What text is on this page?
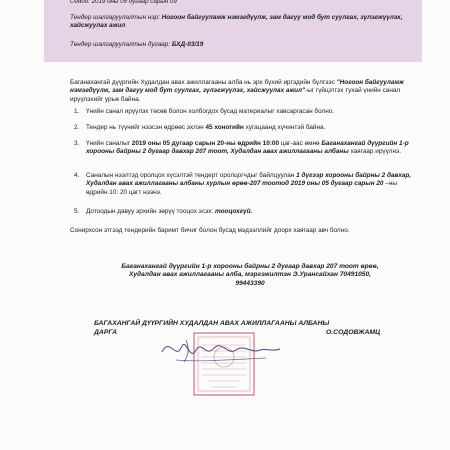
Огноо: 2019 оны 05 дугаар сарын 09
Тендер шалгаруулалтын нэр: Ногоон байгууламж нэмэгдүүлж, зам дагуу мод бут суулгах, зүлэгжүүлэх, хайсжуулах ажил
Тендер шалгаруулалтын дугаар: БХД-03/19

Баганахангай дүүргийн Худалдан авах ажиллагааны алба нь эрх бүхий иргэдийн бүлгээс "Ногоон байгууламж нэмэгдүүлж, зам дагуу мод бут суулгах, зүлэгжүүлэх, хайсжуулах ажил"-ыг гүйцэтгэх тухай үнийн санал ирүүлэхийг урьж байна.

1. Үнийн санал ирүүлэх төсөв болон холбогдох бусад материалыг хавсаргасан болно.
2. Тендер нь түүнийг нээсэн өдрөөс эхлэн 45 хоногийн хугацаанд хүчинтэй байна.
3. Үнийн саналыг 2019 оны 05 дугаар сарын 20-ны өдрийн 10:00 цаг-аас өмнө Баганахангай дүүргийн 1-р хорооны байрны 2 дугаар давхар 207 тоот, Худалдан авах ажиллагааны албаны хаягаар ирүүлнэ.
4. Саналын нээлтэд оролцох хүсэлтэй тендерт оролцогчдыг байлцуулан 1 дүгээр хорооны байрны 2 давхар, Худалдан авах ажиллагааны албаны хурлын өрөө-207 тоотод 2019 оны 05 дугаар сарын 20 –ны өдрийн 10: 20 цагт нээнэ.
5. Дотоодын давуу эрхийн зөрүү тооцох эсэх: тооцохгүй.
Сонирхсон этгээд тендерийн баримт бичиг болон бусад мэдээллийг доорх хаягаар авч болно.
Баганахангай дүүргийн 1-р хорооны байрны 2 дугаар давхар 207 тоот өрөө,
Худалдан авах ажиллагааны алба, мэргэжилтэн Э.Урансайхан 70491050,
99443390
БАГАХАНГАЙ ДҮҮРГИЙН ХУДАЛДАН АВАХ АЖИЛЛАГААНЫ АЛБАНЫ
ДАРГА	О.СОДОВЖАМЦ
